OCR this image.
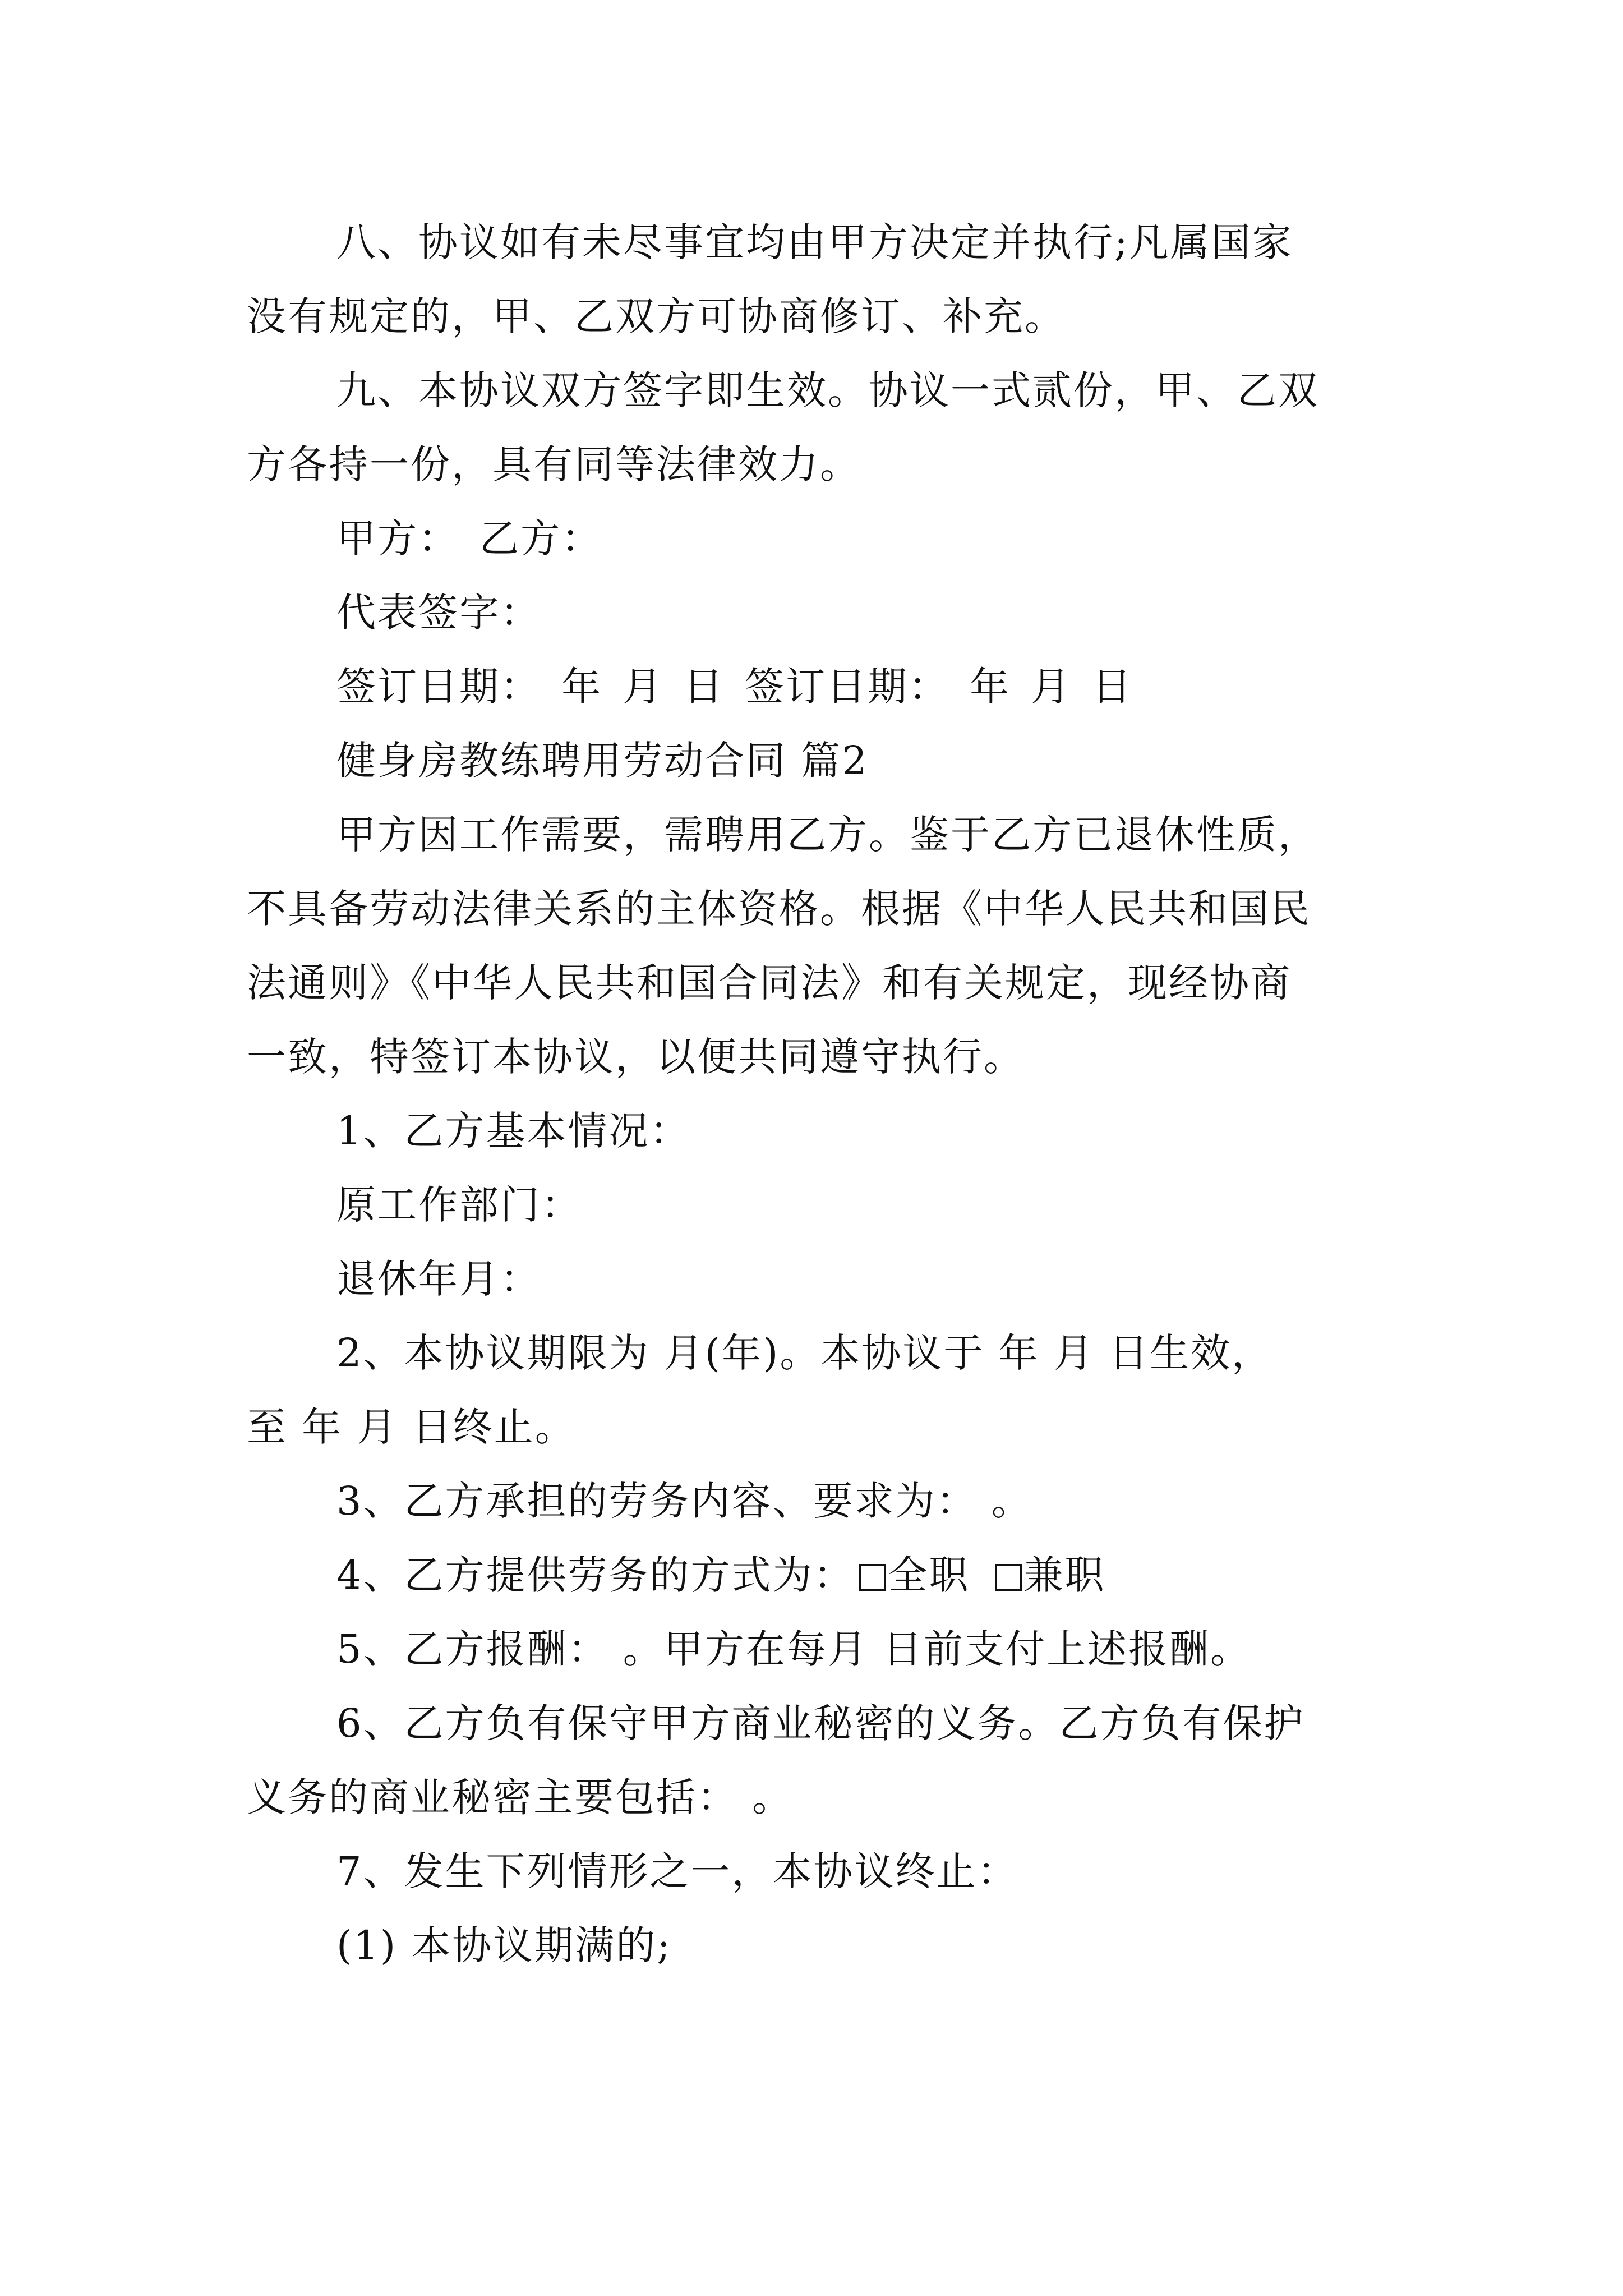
八、协议如有未尽事宜均由甲方决定并执行;凡属国家
没有规定的，甲、乙双方可协商修订、补充。
九、本协议双方签字即生效。协议一式贰份，甲、乙双
方各持一份，具有同等法律效力。
甲方： 乙方：
代表签字：
签订日期： 年 月 日 签订日期： 年 月 日
健身房教练聘用劳动合同 篇2
甲方因工作需要，需聘用乙方。鉴于乙方已退休性质，
不具备劳动法律关系的主体资格。根据《中华人民共和国民
法通则》《中华人民共和国合同法》和有关规定，现经协商
一致，特签订本协议，以便共同遵守执行。
1、乙方基本情况：
原工作部门：
退休年月：
2、本协议期限为 月(年)。本协议于 年 月 日生效，
至 年 月 日终止。
3、乙方承担的劳务内容、要求为： 。
4、乙方提供劳务的方式为： 全职 兼职
5、乙方报酬： 。甲方在每月 日前支付上述报酬。
6、乙方负有保守甲方商业秘密的义务。乙方负有保护
义务的商业秘密主要包括： 。
7、发生下列情形之一，本协议终止：
(1) 本协议期满的;
